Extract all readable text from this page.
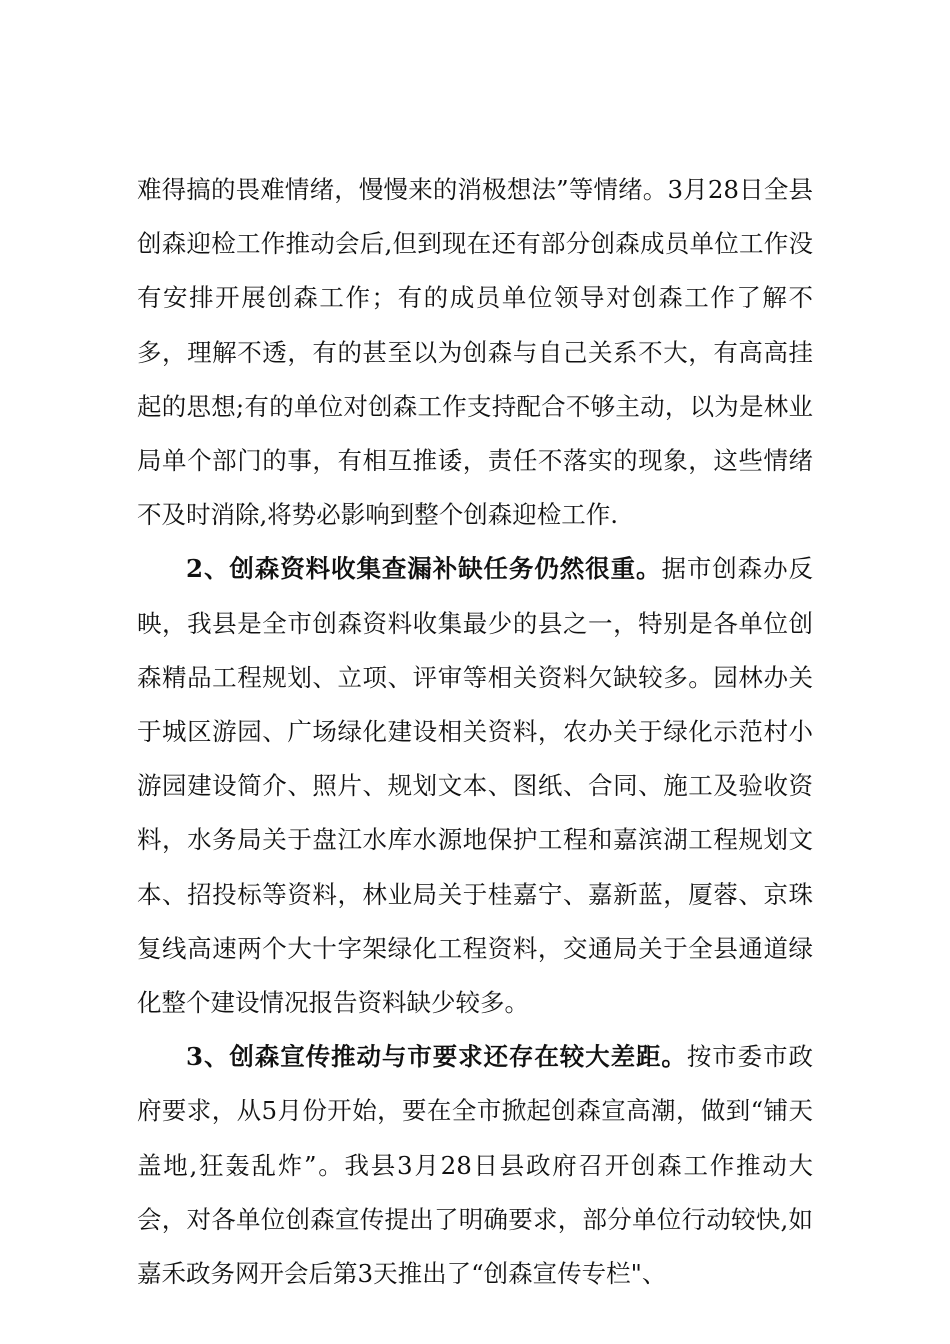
难得搞的畏难情绪，慢慢来的消极想法”等情绪。3月28日全县创森迎检工作推动会后,但到现在还有部分创森成员单位工作没有安排开展创森工作；有的成员单位领导对创森工作了解不多，理解不透，有的甚至以为创森与自己关系不大，有高高挂起的思想;有的单位对创森工作支持配合不够主动，以为是林业局单个部门的事，有相互推诿，责任不落实的现象，这些情绪不及时消除,将势必影响到整个创森迎检工作.

2、创森资料收集查漏补缺任务仍然很重。据市创森办反映，我县是全市创森资料收集最少的县之一，特别是各单位创森精品工程规划、立项、评审等相关资料欠缺较多。园林办关于城区游园、广场绿化建设相关资料，农办关于绿化示范村小游园建设简介、照片、规划文本、图纸、合同、施工及验收资料，水务局关于盘江水库水源地保护工程和嘉滨湖工程规划文本、招投标等资料，林业局关于桂嘉宁、嘉新蓝，厦蓉、京珠复线高速两个大十字架绿化工程资料，交通局关于全县通道绿化整个建设情况报告资料缺少较多。

3、创森宣传推动与市要求还存在较大差距。按市委市政府要求，从5月份开始，要在全市掀起创森宣高潮，做到“铺天盖地,狂轰乱炸”。我县3月28日县政府召开创森工作推动大会，对各单位创森宣传提出了明确要求，部分单位行动较快,如嘉禾政务网开会后第3天推出了“创森宣传专栏"、
